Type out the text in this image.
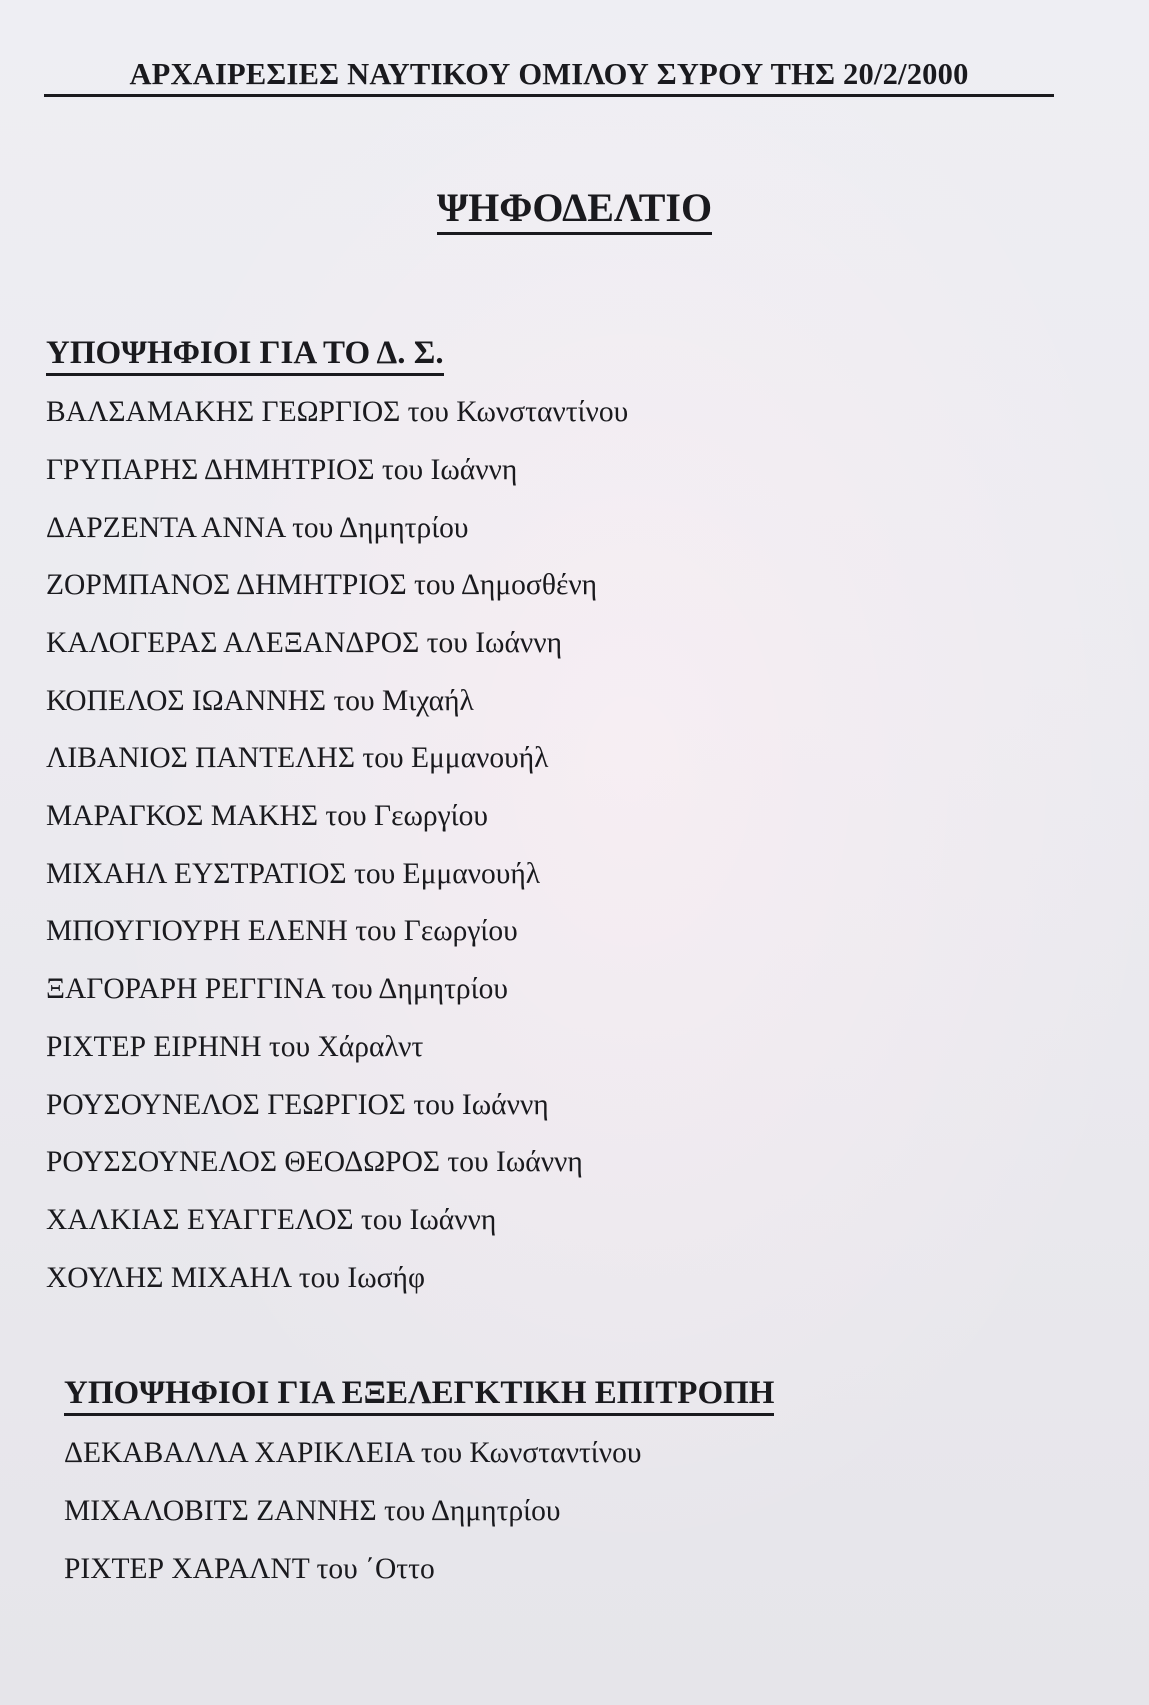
ΑΡΧΑΙΡΕΣΙΕΣ ΝΑΥΤΙΚΟΥ ΟΜΙΛΟΥ ΣΥΡΟΥ ΤΗΣ 20/2/2000
ΨΗΦΟΔΕΛΤΙΟ
ΥΠΟΨΗΦΙΟΙ ΓΙΑ ΤΟ Δ. Σ.
ΒΑΛΣΑΜΑΚΗΣ ΓΕΩΡΓΙΟΣ του Κωνσταντίνου
ΓΡΥΠΑΡΗΣ ΔΗΜΗΤΡΙΟΣ του Ιωάννη
ΔΑΡΖΕΝΤΑ ΑΝΝΑ του Δημητρίου
ΖΟΡΜΠΑΝΟΣ ΔΗΜΗΤΡΙΟΣ του Δημοσθένη
ΚΑΛΟΓΕΡΑΣ ΑΛΕΞΑΝΔΡΟΣ του Ιωάννη
ΚΟΠΕΛΟΣ ΙΩΑΝΝΗΣ του Μιχαήλ
ΛΙΒΑΝΙΟΣ ΠΑΝΤΕΛΗΣ του Εμμανουήλ
ΜΑΡΑΓΚΟΣ ΜΑΚΗΣ του Γεωργίου
ΜΙΧΑΗΛ ΕΥΣΤΡΑΤΙΟΣ του Εμμανουήλ
ΜΠΟΥΓΙΟΥΡΗ ΕΛΕΝΗ του Γεωργίου
ΞΑΓΟΡΑΡΗ ΡΕΓΓΙΝΑ του Δημητρίου
ΡΙΧΤΕΡ ΕΙΡΗΝΗ του Χάραλντ
ΡΟΥΣΟΥΝΕΛΟΣ ΓΕΩΡΓΙΟΣ του Ιωάννη
ΡΟΥΣΣΟΥΝΕΛΟΣ ΘΕΟΔΩΡΟΣ του Ιωάννη
ΧΑΛΚΙΑΣ ΕΥΑΓΓΕΛΟΣ του Ιωάννη
ΧΟΥΛΗΣ ΜΙΧΑΗΛ του Ιωσήφ
ΥΠΟΨΗΦΙΟΙ ΓΙΑ ΕΞΕΛΕΓΚΤΙΚΗ ΕΠΙΤΡΟΠΗ
ΔΕΚΑΒΑΛΛΑ ΧΑΡΙΚΛΕΙΑ του Κωνσταντίνου
ΜΙΧΑΛΟΒΙΤΣ ΖΑΝΝΗΣ του Δημητρίου
ΡΙΧΤΕΡ ΧΑΡΑΛΝΤ του ΄Οττο
